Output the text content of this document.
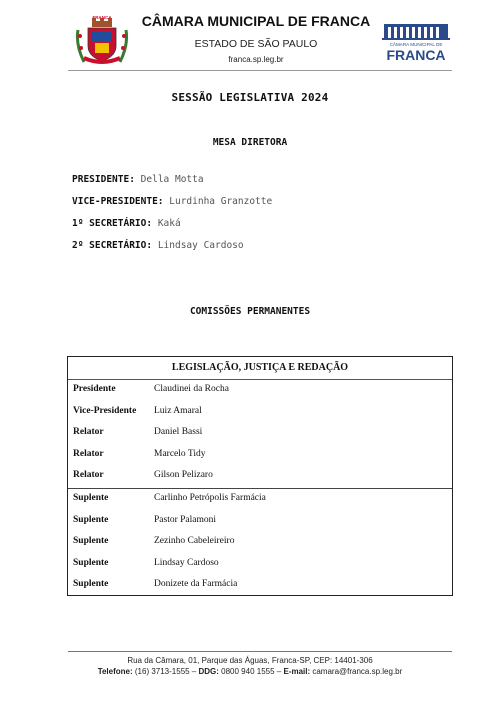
FRANCA CÂMARA MUNICIPAL DE FRANCA
ESTADO DE SÃO PAULO
franca.sp.leg.br
CÂMARA MUNICIPAL DE
FRANCA
SESSÃO LEGISLATIVA 2024
MESA DIRETORA
PRESIDENTE: Della Motta
VICE-PRESIDENTE: Lurdinha Granzotte
1º SECRETÁRIO: Kaká
2º SECRETÁRIO: Lindsay Cardoso
COMISSÕES PERMANENTES
LEGISLAÇÃO, JUSTIÇA E REDAÇÃO
Presidente	Claudinei da Rocha
Vice-Presidente Luiz Amaral
Relator	Daniel Bassi
Relator	Marcelo Tidy
Relator	Gilson Pelizaro
Suplente	Carlinho Petrópolis Farmácia
Suplente	Pastor Palamoni
Suplente	Zezinho Cabeleireiro
Suplente	Lindsay Cardoso
Suplente	Donizete da Farmácia
Rua da Câmara, 01, Parque das Águas, Franca-SP, CEP: 14401-306
Telefone: (16) 3713-1555 – DDG: 0800 940 1555 – E-mail: camara@franca.sp.leg.br
